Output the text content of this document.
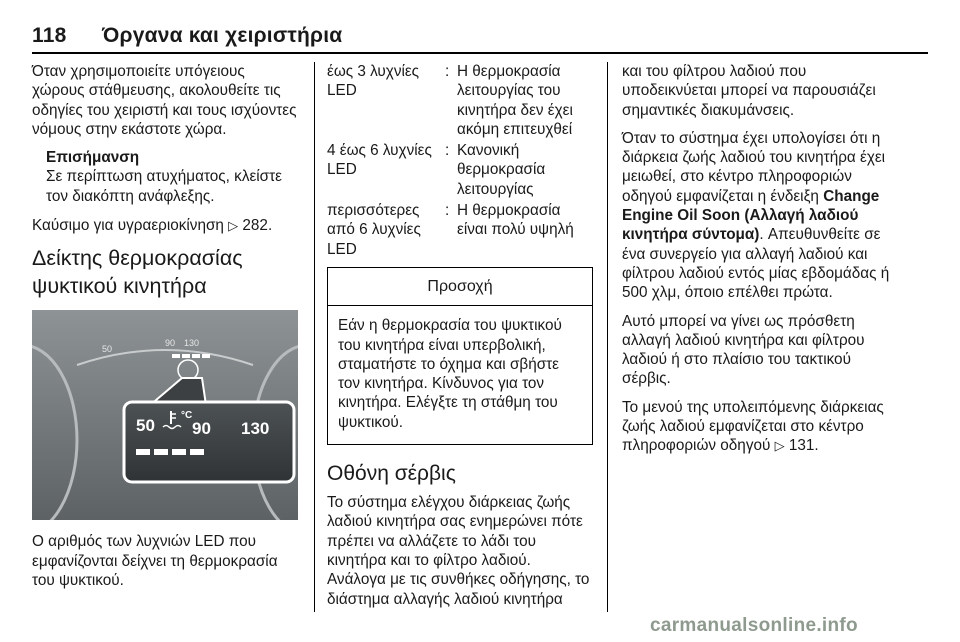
118 Όργανα και χειριστήρια

Όταν χρησιμοποιείτε υπόγειους χώρους στάθμευσης, ακολουθείτε τις οδηγίες του χειριστή και τους ισχύοντες νόμους στην εκάστοτε χώρα.

Επισήμανση
Σε περίπτωση ατυχήματος, κλείστε τον διακόπτη ανάφλεξης.

Καύσιμο για υγραεριοκίνηση ▷ 282.

Δείκτης θερμοκρασίας ψυκτικού κινητήρα
50
90 130
50
°C
90 130

Ο αριθμός των λυχνιών LED που εμφανίζονται δείχνει τη θερμοκρασία του ψυκτικού.

έως 3 λυχνίες LED
: Η θερμοκρασία λειτουργίας του κινητήρα δεν έχει ακόμη επιτευχθεί
4 έως 6 λυχνίες LED
: Κανονική θερμοκρασία λειτουργίας
περισσότερες από 6 λυχνίες LED
: Η θερμοκρασία είναι πολύ υψηλή
Προσοχή
Εάν η θερμοκρασία του ψυκτικού του κινητήρα είναι υπερβολική, σταματήστε το όχημα και σβήστε τον κινητήρα. Κίνδυνος για τον κινητήρα. Ελέγξτε τη στάθμη του ψυκτικού.
Οθόνη σέρβις

Το σύστημα ελέγχου διάρκειας ζωής λαδιού κινητήρα σας ενημερώνει πότε πρέπει να αλλάζετε το λάδι του κινητήρα και το φίλτρο λαδιού. Ανάλογα με τις συνθήκες οδήγησης, το διάστημα αλλαγής λαδιού κινητήρα

και του φίλτρου λαδιού που υποδεικνύεται μπορεί να παρουσιάζει σημαντικές διακυμάνσεις.

Όταν το σύστημα έχει υπολογίσει ότι η διάρκεια ζωής λαδιού του κινητήρα έχει μειωθεί, στο κέντρο πληροφοριών οδηγού εμφανίζεται η ένδειξη Change Engine Oil Soon (Αλλαγή λαδιού κινητήρα σύντομα). Απευθυνθείτε σε ένα συνεργείο για αλλαγή λαδιού και φίλτρου λαδιού εντός μίας εβδομάδας ή 500 χλμ, όποιο επέλθει πρώτα.

Αυτό μπορεί να γίνει ως πρόσθετη αλλαγή λαδιού κινητήρα και φίλτρου λαδιού ή στο πλαίσιο του τακτικού σέρβις.

Το μενού της υπολειπόμενης διάρκειας ζωής λαδιού εμφανίζεται στο κέντρο πληροφοριών οδηγού ▷ 131.

carmanualsonline.info
